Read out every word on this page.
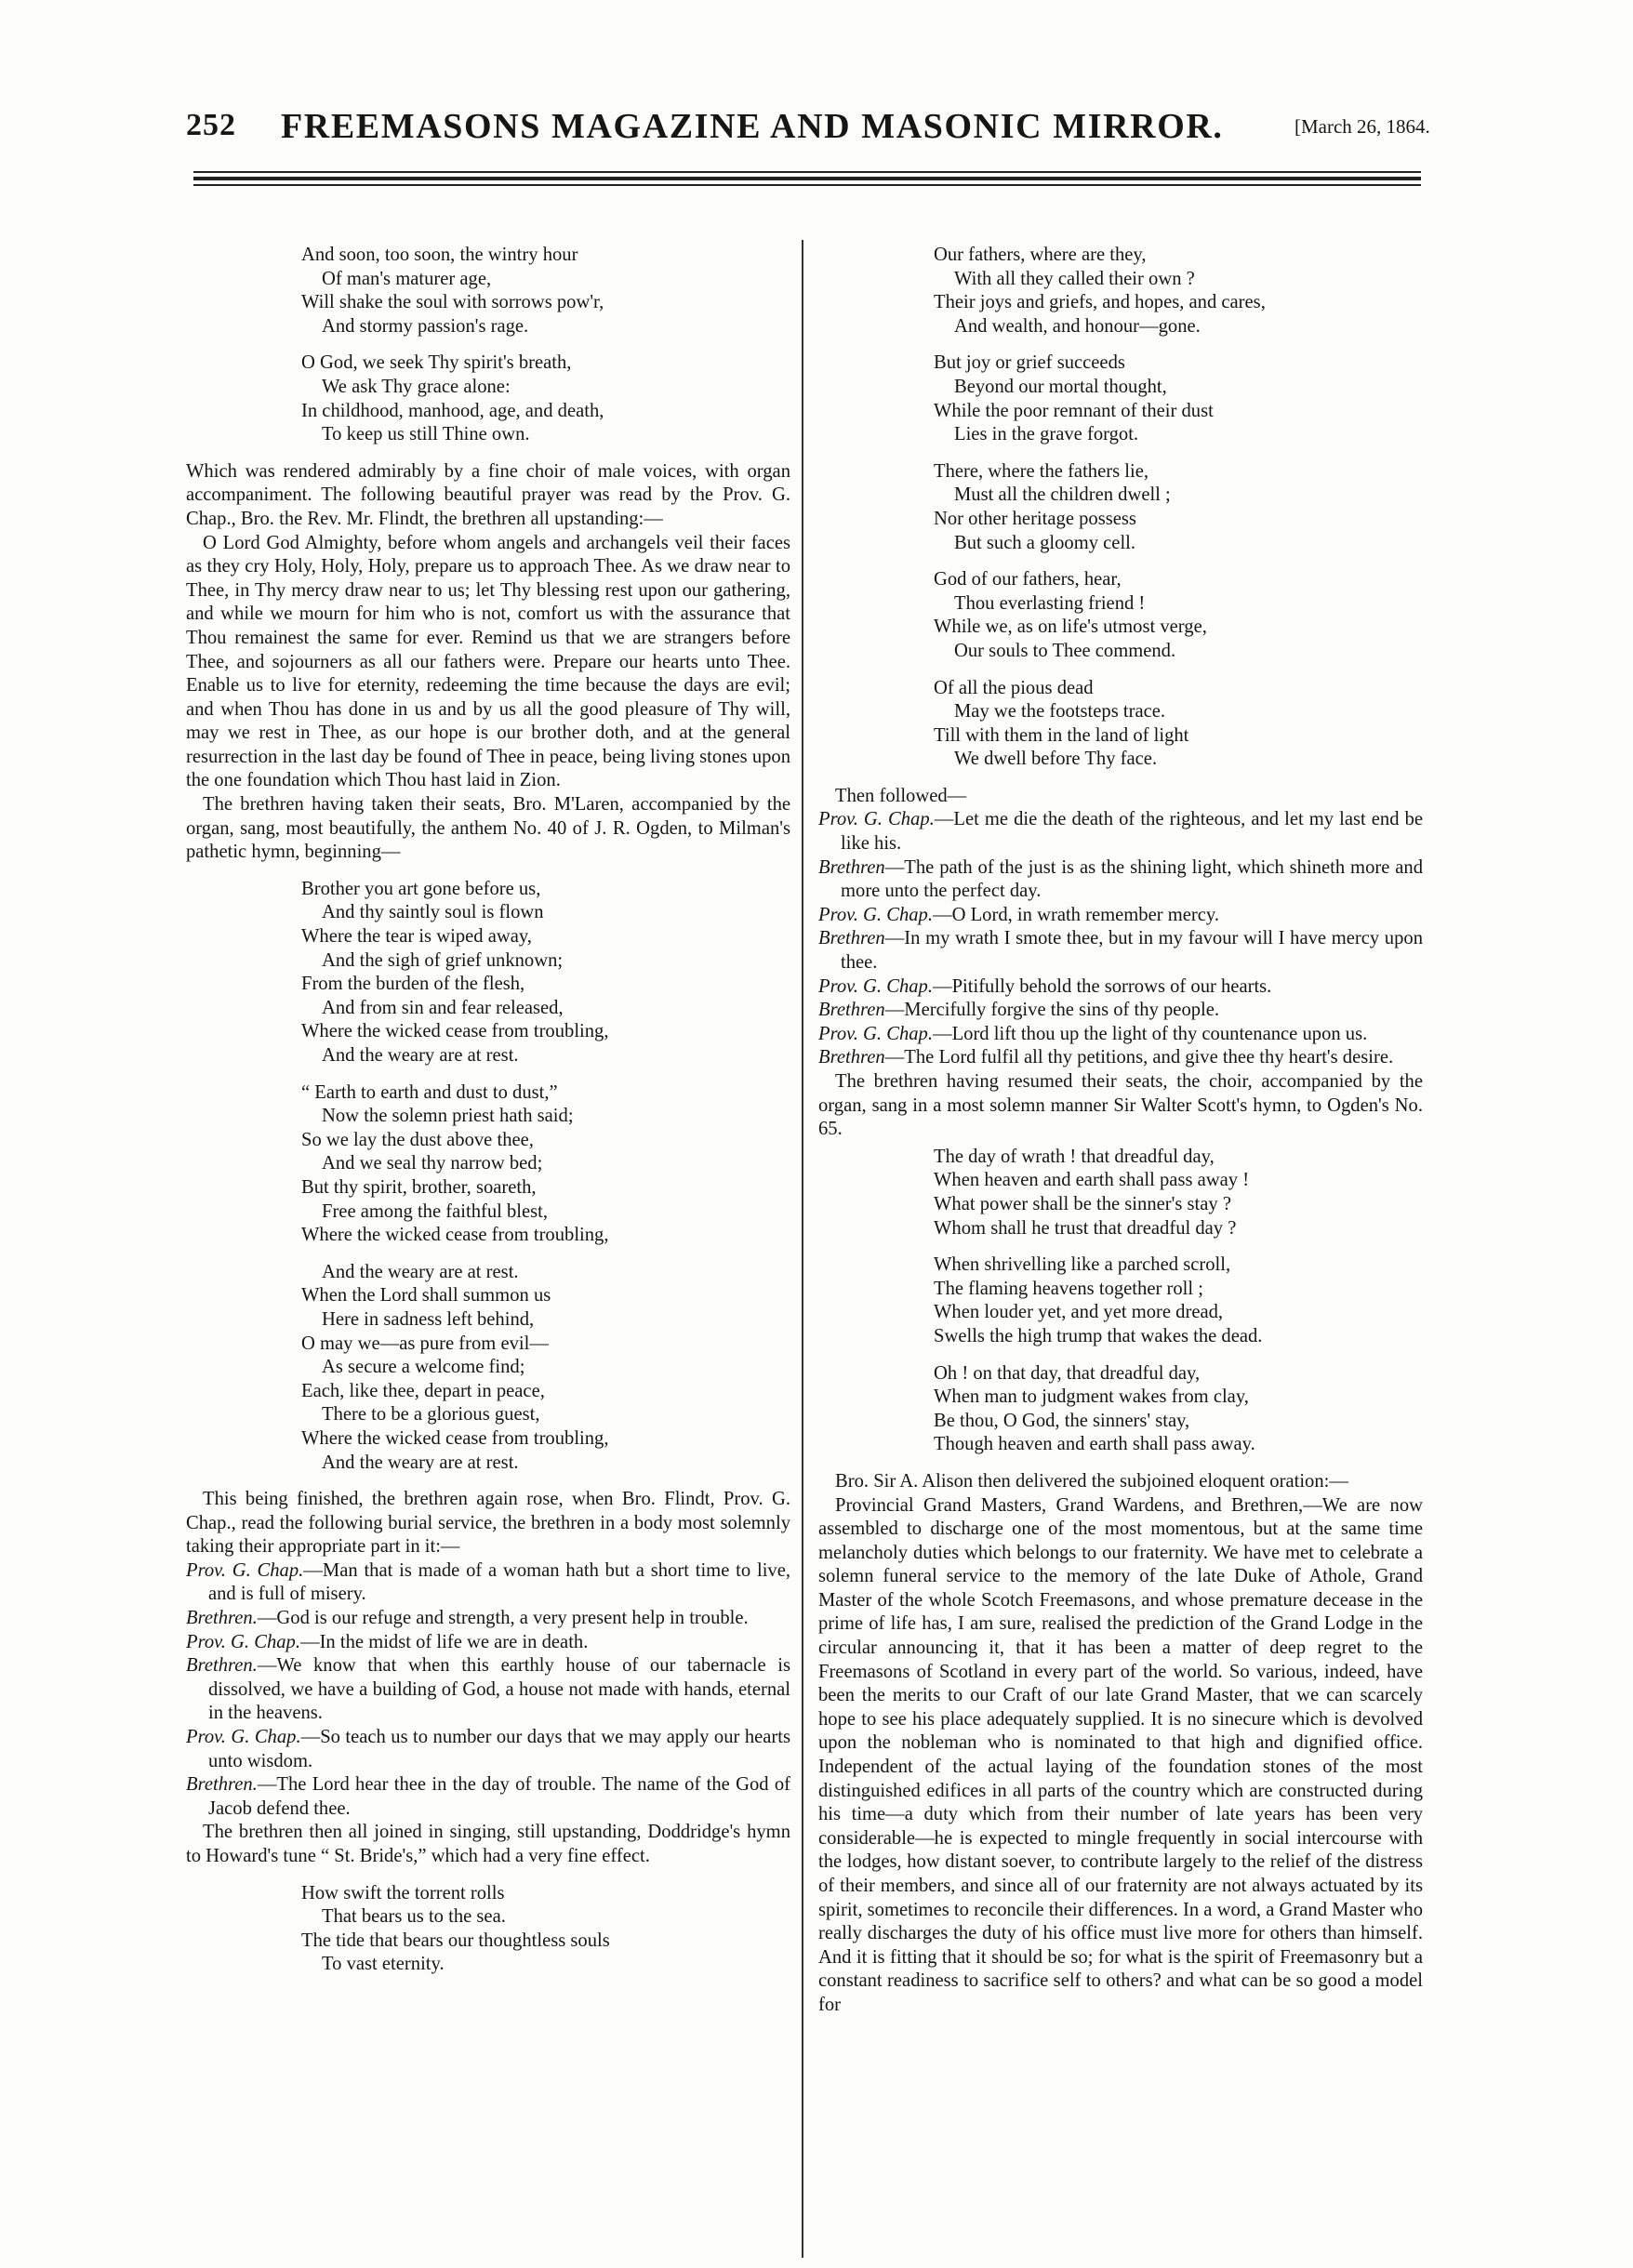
252 FREEMASONS MAGAZINE AND MASONIC MIRROR.	[March 26, 1864.
And soon, too soon, the wintry hour
Of man's maturer age,
Will shake the soul with sorrows pow'r,
And stormy passion's rage.
O God, we seek Thy spirit's breath,
We ask Thy grace alone:
In childhood, manhood, age, and death,
To keep us still Thine own.

Which was rendered admirably by a fine choir of male voices, with organ accompaniment. The following beautiful prayer was read by the Prov. G. Chap., Bro. the Rev. Mr. Flindt, the brethren all upstanding:—

O Lord God Almighty, before whom angels and archangels veil their faces as they cry Holy, Holy, Holy, prepare us to approach Thee. As we draw near to Thee, in Thy mercy draw near to us; let Thy blessing rest upon our gathering, and while we mourn for him who is not, comfort us with the assurance that Thou remainest the same for ever. Remind us that we are strangers before Thee, and sojourners as all our fathers were. Prepare our hearts unto Thee. Enable us to live for eternity, redeeming the time because the days are evil; and when Thou has done in us and by us all the good pleasure of Thy will, may we rest in Thee, as our hope is our brother doth, and at the general resurrection in the last day be found of Thee in peace, being living stones upon the one foundation which Thou hast laid in Zion.

The brethren having taken their seats, Bro. M'Laren, accompanied by the organ, sang, most beautifully, the anthem No. 40 of J. R. Ogden, to Milman's pathetic hymn, beginning—

Brother you art gone before us,
And thy saintly soul is flown
Where the tear is wiped away,
And the sigh of grief unknown;
From the burden of the flesh,
And from sin and fear released,
Where the wicked cease from troubling,
And the weary are at rest.
“ Earth to earth and dust to dust,”
Now the solemn priest hath said;
So we lay the dust above thee,
And we seal thy narrow bed;
But thy spirit, brother, soareth,
Free among the faithful blest,
Where the wicked cease from troubling,
And the weary are at rest.
When the Lord shall summon us
Here in sadness left behind,
O may we—as pure from evil—
As secure a welcome find;
Each, like thee, depart in peace,
There to be a glorious guest,
Where the wicked cease from troubling,
And the weary are at rest.

This being finished, the brethren again rose, when Bro. Flindt, Prov. G. Chap., read the following burial service, the brethren in a body most solemnly taking their appropriate part in it:—

Prov. G. Chap.—Man that is made of a woman hath but a short time to live, and is full of misery.

Brethren.—God is our refuge and strength, a very present help in trouble.

Prov. G. Chap.—In the midst of life we are in death.

Brethren.—We know that when this earthly house of our tabernacle is dissolved, we have a building of God, a house not made with hands, eternal in the heavens.

Prov. G. Chap.—So teach us to number our days that we may apply our hearts unto wisdom.

Brethren.—The Lord hear thee in the day of trouble. The name of the God of Jacob defend thee.

The brethren then all joined in singing, still upstanding, Doddridge's hymn to Howard's tune “ St. Bride's,” which had a very fine effect.

How swift the torrent rolls
That bears us to the sea.
The tide that bears our thoughtless souls
To vast eternity.
Our fathers, where are they,
With all they called their own ?
Their joys and griefs, and hopes, and cares,
And wealth, and honour—gone.
But joy or grief succeeds
Beyond our mortal thought,
While the poor remnant of their dust
Lies in the grave forgot.
There, where the fathers lie,
Must all the children dwell ;
Nor other heritage possess
But such a gloomy cell.
God of our fathers, hear,
Thou everlasting friend !
While we, as on life's utmost verge,
Our souls to Thee commend.
Of all the pious dead
May we the footsteps trace.
Till with them in the land of light
We dwell before Thy face.

Then followed—

Prov. G. Chap.—Let me die the death of the righteous, and let my last end be like his.

Brethren—The path of the just is as the shining light, which shineth more and more unto the perfect day.

Prov. G. Chap.—O Lord, in wrath remember mercy.

Brethren—In my wrath I smote thee, but in my favour will I have mercy upon thee.

Prov. G. Chap.—Pitifully behold the sorrows of our hearts.

Brethren—Mercifully forgive the sins of thy people.

Prov. G. Chap.—Lord lift thou up the light of thy countenance upon us.

Brethren—The Lord fulfil all thy petitions, and give thee thy heart's desire.

The brethren having resumed their seats, the choir, accompanied by the organ, sang in a most solemn manner Sir Walter Scott's hymn, to Ogden's No. 65.

The day of wrath ! that dreadful day,
When heaven and earth shall pass away !
What power shall be the sinner's stay ?
Whom shall he trust that dreadful day ?
When shrivelling like a parched scroll,
The flaming heavens together roll ;
When louder yet, and yet more dread,
Swells the high trump that wakes the dead.
Oh ! on that day, that dreadful day,
When man to judgment wakes from clay,
Be thou, O God, the sinners' stay,
Though heaven and earth shall pass away.

Bro. Sir A. Alison then delivered the subjoined eloquent oration:—

Provincial Grand Masters, Grand Wardens, and Brethren,—We are now assembled to discharge one of the most momentous, but at the same time melancholy duties which belongs to our fraternity. We have met to celebrate a solemn funeral service to the memory of the late Duke of Athole, Grand Master of the whole Scotch Freemasons, and whose premature decease in the prime of life has, I am sure, realised the prediction of the Grand Lodge in the circular announcing it, that it has been a matter of deep regret to the Freemasons of Scotland in every part of the world. So various, indeed, have been the merits to our Craft of our late Grand Master, that we can scarcely hope to see his place adequately supplied. It is no sinecure which is devolved upon the nobleman who is nominated to that high and dignified office. Independent of the actual laying of the foundation stones of the most distinguished edifices in all parts of the country which are constructed during his time—a duty which from their number of late years has been very considerable—he is expected to mingle frequently in social intercourse with the lodges, how distant soever, to contribute largely to the relief of the distress of their members, and since all of our fraternity are not always actuated by its spirit, sometimes to reconcile their differences. In a word, a Grand Master who really discharges the duty of his office must live more for others than himself. And it is fitting that it should be so; for what is the spirit of Freemasonry but a constant readiness to sacrifice self to others? and what can be so good a model for
